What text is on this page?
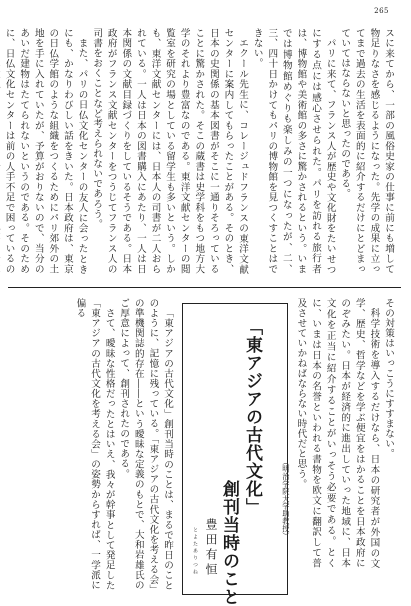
265

スに来てから、一部の風俗史家の仕事に前にも増して物足りなさを感じるようになった。先学の成果に立ってまで過去の生活を表面的に紹介するだけにとどまっていてはならないと思ったのである。

パリに来て、フランス人が歴史や文化財をたいせつにする点には感心させられた。パリを訪れる旅行者は、博物館や美術館の多さに驚かされるという。いまでは博物館めぐりも楽しみの一つになったが、二、三、四十日かけてもパリの博物館を見つくすことはできない。

エクール先生に、コレージュドフランスの東洋文献センターに案内してもらったことがある。そのとき、日本の史関係の基本図書がそこに一通りそろっていることに驚かされた。そこの蔵書は史学科をもつ地方大学のそれより豊富なのである。東洋文献センターの閲覧室を研究の場としている留学生も多いという。しかも、東洋文献センターには、日本人の司書が二人おられている。一人は日本の図書購入にあたり、一人は日本関係の文献目録づくりをしているそうである。日本政府がフランス文献センターをつうじてフランス人の司書をおくことなど考えられないであろう。

また、パリの日仏文化センターの友人に会ったときにも、かなりわびしい話をきいた。日本政府は、東京の日仏学館のような組織をつくるためにパリ郊外の土地を手に入れていたが、予算がおりないので、当分のあいだ建物はたてられないというのである。そのために、日仏文化センターは前の人手不足で困っているの

その対策はいっこうにすすまない。

科学技術を導入するだけなら、日本の研究者が外国の文学、歴史、哲学などを学ぶ便宜をはかることを日本政府にのぞみたい。日本が経済的に進出していった地域に、日本文化を正当に紹介することがいっそう必要である。とくに、いまは日本の名誉といわれる書物を欧文に翻訳して普及させていかねばならない時代だと思う。

（明治学院大学助教授）
「東アジアの古代文化」
創刊当時のこと
とよたありつね 豊田有恒

「東アジアの古代文化」創刊当時のことは、まるで昨日のことのように、記憶に残っている。「東アジアの古代文化を考える会」の準機関誌的存在――という曖昧な定義のもとで、大和岩雄氏のご厚意によって、創刊されたのである。

さて、曖昧な性格だったとはいえ、我々が幹事として発足した「東アジアの古代文化を考える会」の姿勢からすれば、一学派に偏る
